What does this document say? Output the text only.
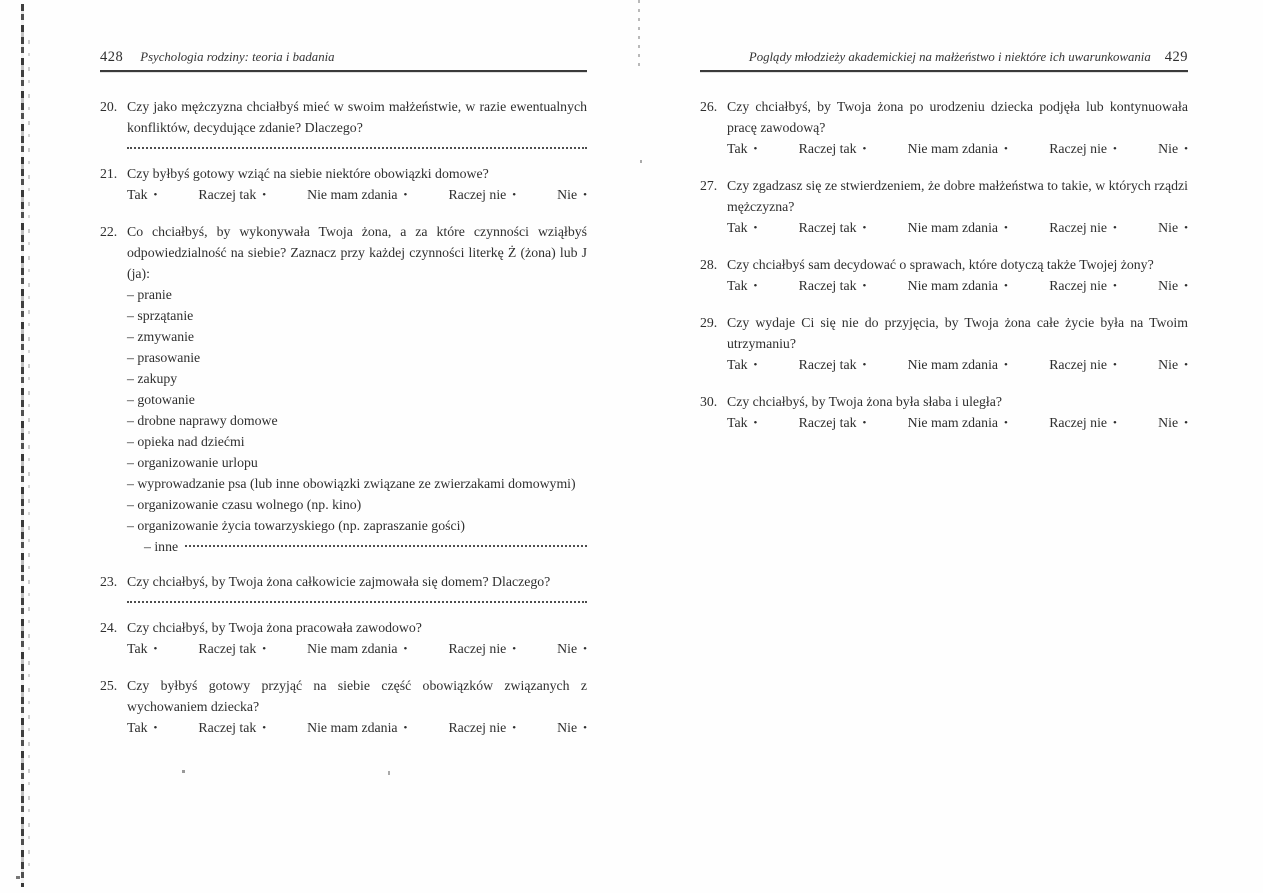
428 Psychologia rodziny: teoria i badania
20. Czy jako mężczyzna chciałbyś mieć w swoim małżeństwie, w razie ewentualnych konfliktów, decydujące zdanie? Dlaczego?
21. Czy byłbyś gotowy wziąć na siebie niektóre obowiązki domowe?
Tak •	Raczej tak •	Nie mam zdania •	Raczej nie •	Nie •
22. Co chciałbyś, by wykonywała Twoja żona, a za które czynności wziąłbyś odpowiedzialność na siebie? Zaznacz przy każdej czynności literkę Ż (żona) lub J (ja):
– pranie
– sprzątanie
– zmywanie
– prasowanie
– zakupy
– gotowanie
– drobne naprawy domowe
– opieka nad dziećmi
– organizowanie urlopu
– wyprowadzanie psa (lub inne obowiązki związane ze zwierzakami domowymi)
– organizowanie czasu wolnego (np. kino)
– organizowanie życia towarzyskiego (np. zapraszanie gości)
– inne
23. Czy chciałbyś, by Twoja żona całkowicie zajmowała się domem? Dlaczego?
24. Czy chciałbyś, by Twoja żona pracowała zawodowo?
Tak •	Raczej tak •	Nie mam zdania •	Raczej nie •	Nie •
25. Czy byłbyś gotowy przyjąć na siebie część obowiązków związanych z wychowaniem dziecka?
Tak •	Raczej tak •	Nie mam zdania •	Raczej nie •	Nie •
Poglądy młodzieży akademickiej na małżeństwo i niektóre ich uwarunkowania 429
26. Czy chciałbyś, by Twoja żona po urodzeniu dziecka podjęła lub kontynuowała pracę zawodową?
Tak •	Raczej tak •	Nie mam zdania •	Raczej nie •	Nie •
27. Czy zgadzasz się ze stwierdzeniem, że dobre małżeństwa to takie, w których rządzi mężczyzna?
Tak •	Raczej tak •	Nie mam zdania •	Raczej nie •	Nie •
28. Czy chciałbyś sam decydować o sprawach, które dotyczą także Twojej żony?
Tak •	Raczej tak •	Nie mam zdania •	Raczej nie •	Nie •
29. Czy wydaje Ci się nie do przyjęcia, by Twoja żona całe życie była na Twoim utrzymaniu?
Tak •	Raczej tak •	Nie mam zdania •	Raczej nie •	Nie •
30. Czy chciałbyś, by Twoja żona była słaba i uległa?
Tak •	Raczej tak •	Nie mam zdania •	Raczej nie •	Nie •
